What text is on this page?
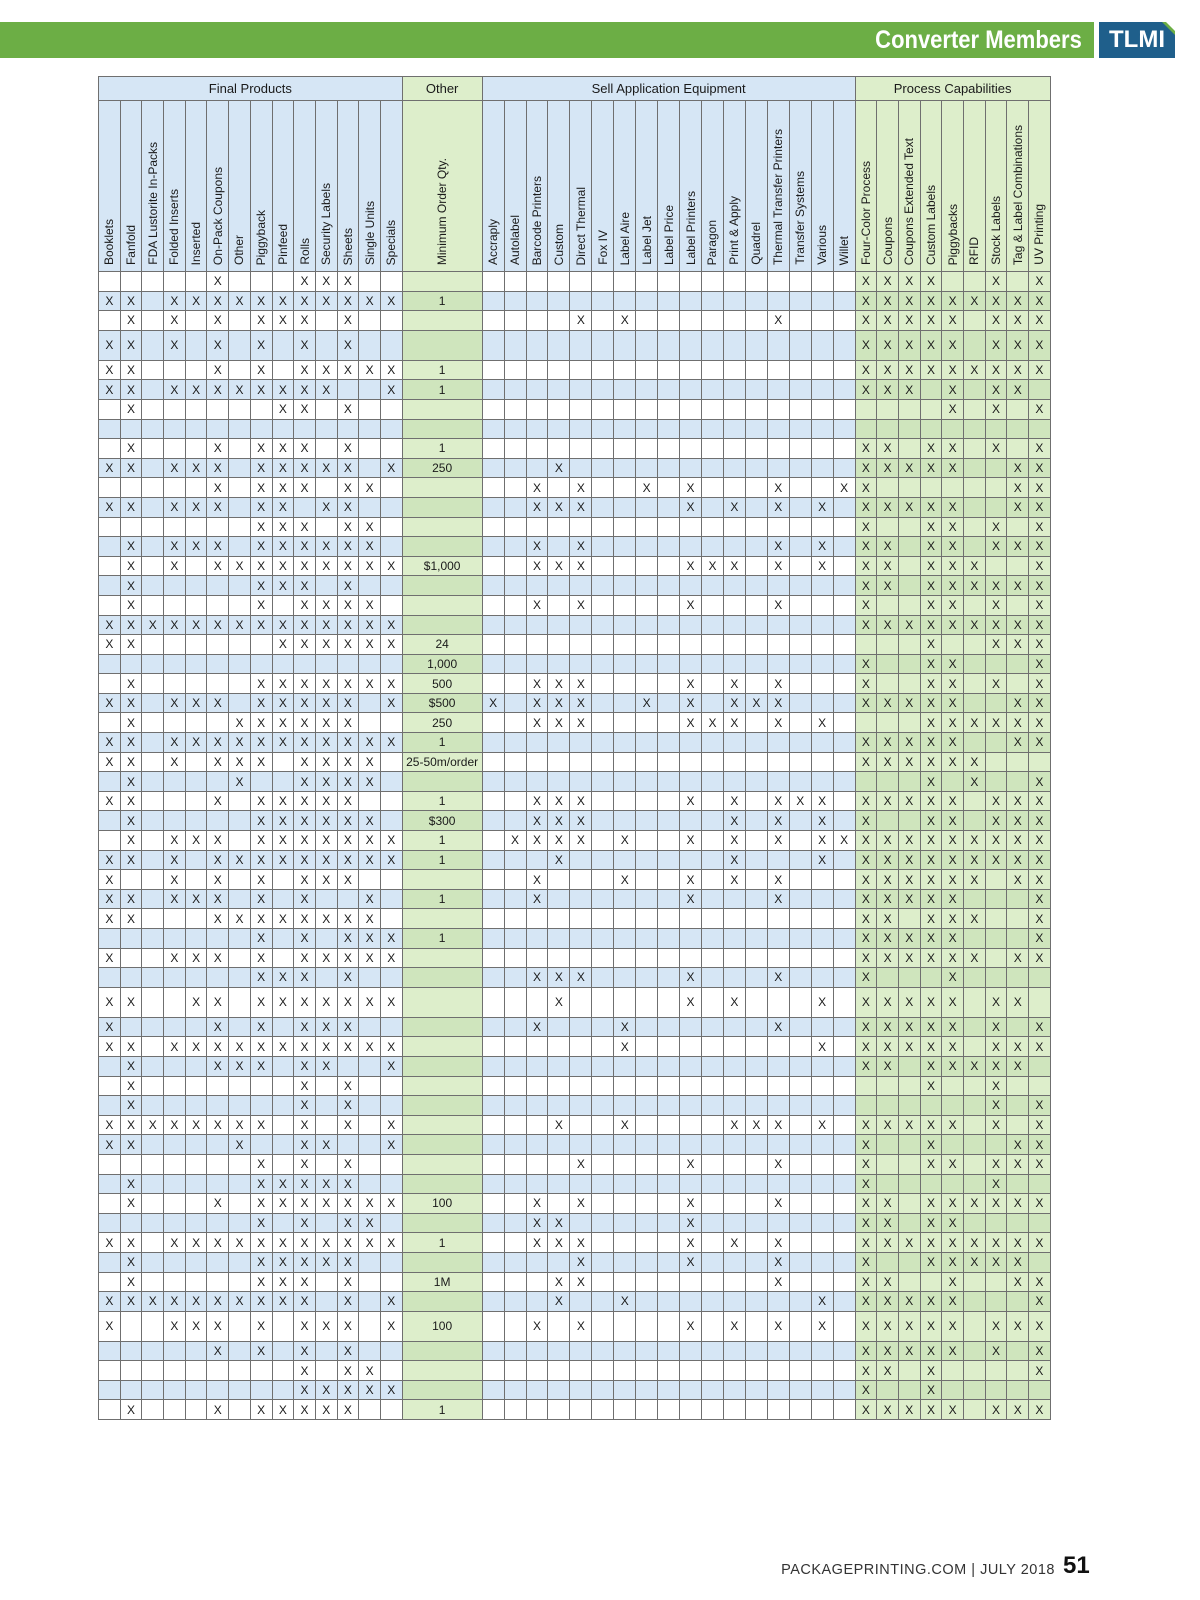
Converter Members	TLMI
Final Products														Other	Sell Application Equipment																	Process Capabilities								
Booklets	Fanfold	FDA Lustorite In-Packs	Folded Inserts	Inserted	On-Pack Coupons	Other	Piggyback	Pinfeed	Rolls	Security Labels	Sheets	Single Units	Specials	Minimum Order Qty.	Accraply	Autolabel	Barcode Printers	Custom	Direct Thermal	Fox IV	Label Aire	Label Jet	Label Price	Label Printers	Paragon	Print & Apply	Quadrel	Thermal Transfer Printers	Transfer Systems	Various	Willet	Four-Color Process	Coupons	Coupons Extended Text	Custom Labels	Piggybacks	RFID	Stock Labels	Tag & Label Combinations	UV Printing
					X				X	X	X																					X	X	X	X			X		X
X	X		X	X	X	X	X	X	X	X	X	X	X	1																		X	X	X	X	X	X	X	X	X
	X		X		X		X	X	X		X								X		X							X				X	X	X	X	X		X	X	X
X	X		X		X		X		X		X																					X	X	X	X	X		X	X	X
X	X				X		X		X	X	X	X	X	1																		X	X	X	X	X	X	X	X	X
X	X		X	X	X	X	X	X	X	X			X	1																		X	X	X		X		X	X	
	X							X	X		X																									X		X		X

	X				X		X	X	X		X			1																		X	X		X	X		X		X
X	X		X	X	X		X	X	X	X	X		X	250				X														X	X	X	X	X			X	X
					X		X	X	X		X	X					X		X			X		X				X			X	X							X	X
X	X		X	X	X		X	X		X	X						X	X	X					X		X		X		X		X	X	X	X	X			X	X
							X	X	X		X	X																				X			X	X		X		X
	X		X	X	X		X	X	X	X	X	X					X		X									X		X		X	X		X	X		X	X	X
	X		X		X	X	X	X	X	X	X	X	X	$1,000			X	X	X					X	X	X		X		X		X	X		X	X	X			X
	X						X	X	X		X																					X	X		X	X	X	X	X	X
	X						X		X	X	X	X					X		X					X				X				X			X	X		X		X
X	X	X	X	X	X	X	X	X	X	X	X	X	X																			X	X	X	X	X	X	X	X	X
X	X							X	X	X	X	X	X	24																					X			X	X	X
														1,000																		X			X	X				X
	X						X	X	X	X	X	X	X	500			X	X	X					X		X		X				X			X	X		X		X
X	X		X	X	X		X	X	X	X	X		X	$500	X		X	X	X			X		X		X	X	X				X	X	X	X	X			X	X
	X					X	X	X	X	X	X			250			X	X	X					X	X	X		X		X					X	X	X	X	X	X
X	X		X	X	X	X	X	X	X	X	X	X	X	1																		X	X	X	X	X			X	X
X	X		X		X	X	X		X	X	X	X		25-50m/order																		X	X	X	X	X	X			
	X					X			X	X	X	X																							X		X			X
X	X				X		X	X	X	X	X			1			X	X	X					X		X		X	X	X		X	X	X	X	X		X	X	X
	X						X	X	X	X	X	X		$300			X	X	X							X		X		X		X			X	X		X	X	X
	X		X	X	X		X	X	X	X	X	X	X	1		X	X	X	X		X			X		X		X		X	X	X	X	X	X	X	X	X	X	X
X	X		X		X	X	X	X	X	X	X	X	X	1				X								X				X		X	X	X	X	X	X	X	X	X
X			X		X		X		X	X	X						X				X			X		X		X				X	X	X	X	X	X		X	X
X	X		X	X	X		X		X			X		1			X							X				X				X	X	X	X	X				X
X	X				X	X	X	X	X	X	X	X																				X	X		X	X	X			X
							X		X		X	X	X	1																		X	X	X	X	X				X
X			X	X	X		X		X	X	X	X	X																			X	X	X	X	X	X		X	X
							X	X	X		X						X	X	X					X				X				X				X				
X	X			X	X		X	X	X	X	X	X	X					X						X		X				X		X	X	X	X	X		X	X	
X					X		X		X	X	X						X				X							X				X	X	X	X	X		X		X
X	X		X	X	X	X	X	X	X	X	X	X	X								X									X		X	X	X	X	X		X	X	X
	X				X	X	X		X	X			X																			X	X		X	X	X	X	X	
	X								X		X																								X			X		
	X								X		X																											X		X
X	X	X	X	X	X	X	X		X		X		X					X			X					X	X	X		X		X	X	X	X	X		X		X
X	X					X			X	X			X																			X			X				X	X
							X		X		X								X					X				X				X			X	X		X	X	X
	X						X	X	X	X	X																					X						X		
	X				X		X	X	X	X	X	X	X	100			X		X					X				X				X	X		X	X	X	X	X	X
							X		X		X	X					X	X						X								X	X		X	X				
X	X		X	X	X	X	X	X	X	X	X	X	X	1			X	X	X					X		X		X				X	X	X	X	X	X	X	X	X
	X						X	X	X	X	X								X					X				X				X			X	X	X	X	X	
	X						X	X	X		X			1M				X	X									X				X	X			X			X	X
X	X	X	X	X	X	X	X	X	X		X		X					X			X									X		X	X	X	X	X				X
X			X	X	X		X		X	X	X		X	100			X		X					X		X		X		X		X	X	X	X	X		X	X	X
					X		X		X		X																					X	X	X	X	X		X		X
									X		X	X																				X	X		X					X
									X	X	X	X	X																			X			X					
	X				X		X	X	X	X	X			1																		X	X	X	X	X		X	X	X
PACKAGEPRINTING.COM | JULY 2018 51
